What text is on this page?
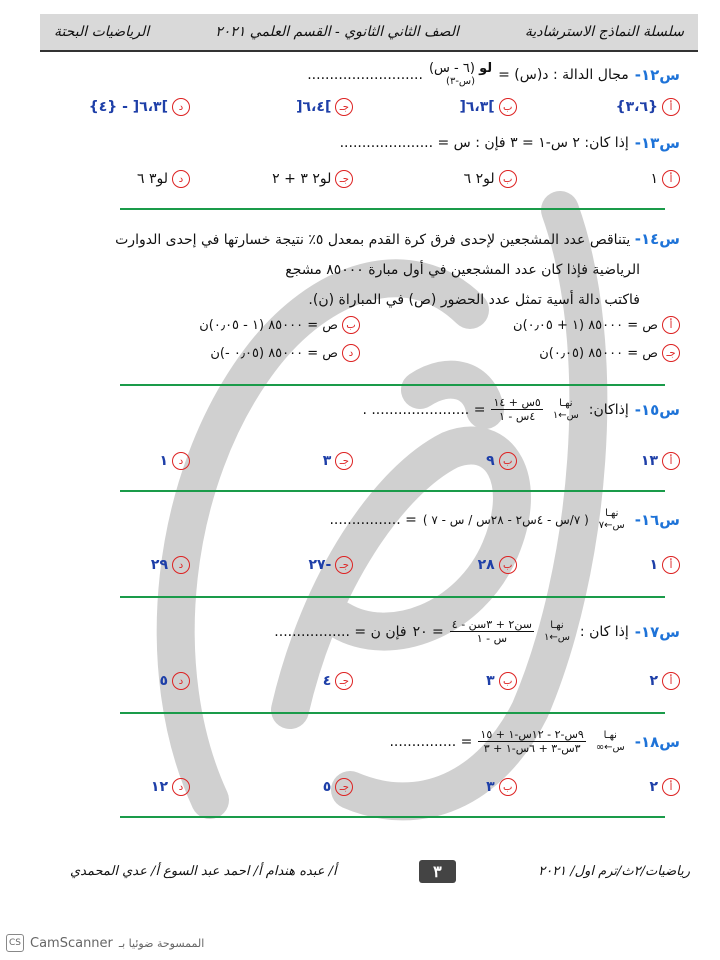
سلسلة النماذج الاسترشادية
الصف الثاني الثانوي - القسم العلمي ٢٠٢١
الرياضيات البحتة
س١٢-
مجال الدالة : د(س) =
لو (٦ - س)
(س-٣)
..........................
أ
{٣،٦}
ب
]٦،٣[
جـ
]٦،٤[
د
]٦،٣[ - {٤}
س١٣-
إذا كان: ٢ س-١ = ٣ فإن : س = .....................
أ
١
ب
لو٢ ٦
جـ
لو٢ ٣ + ٢
د
لو٣ ٦
س١٤- يتناقص عدد المشجعين لإحدى فرق كرة القدم بمعدل ٥٪ نتيجة خسارتها في إحدى الدوارت
الرياضية فإذا كان عدد المشجعين في أول مبارة ٨٥٠٠٠ مشجع
فاكتب دالة أسية تمثل عدد الحضور (ص) في المباراة (ن).
أ
ص = ٨٥٠٠٠ (١ + ٠٫٠٥)ن
ب
ص = ٨٥٠٠٠ (١ - ٠٫٠٥)ن
جـ
ص = ٨٥٠٠٠ (٠٫٠٥)ن
د
ص = ٨٥٠٠٠ (٠٫٠٥ -)ن
س١٥-
إذاكان:
نهـا
س←١
$\frac{\text{٥س + ١٤}}{\text{٤س - ١}}$
= ...................... .
أ
١٣
ب
٩
جـ
٣
د
١
س١٦-
نهـا
س←٧
( ٧/س - ٤س٢ - ٢٨س / س - ٧ )
= ................
أ
١
ب
٢٨
جـ
-٢٧
د
٢٩
س١٧-
إذا كان :
نهـا
س←١
$\frac{\text{سن٢ + ٣سن - ٤}}{\text{س - ١}}$
= ٢٠
فإن ن = .................
أ
٢
ب
٣
جـ
٤
د
٥
س١٨-
نهـا
س←∞
$\frac{\text{٩س-٢ - ١٢س-١ + ١٥}}{\text{٣س-٣ + ٦س-١ + ٣}}$
= ...............
أ
٢
ب
٣
جـ
٥
د
١٢
رياضيات/٢ث/ترم اول/ ٢٠٢١
٣
أ/ عبده هندام أ/ احمد عبد السوع أ/ عدي المحمدي
CS CamScanner الممسوحة ضوئيا بـ
